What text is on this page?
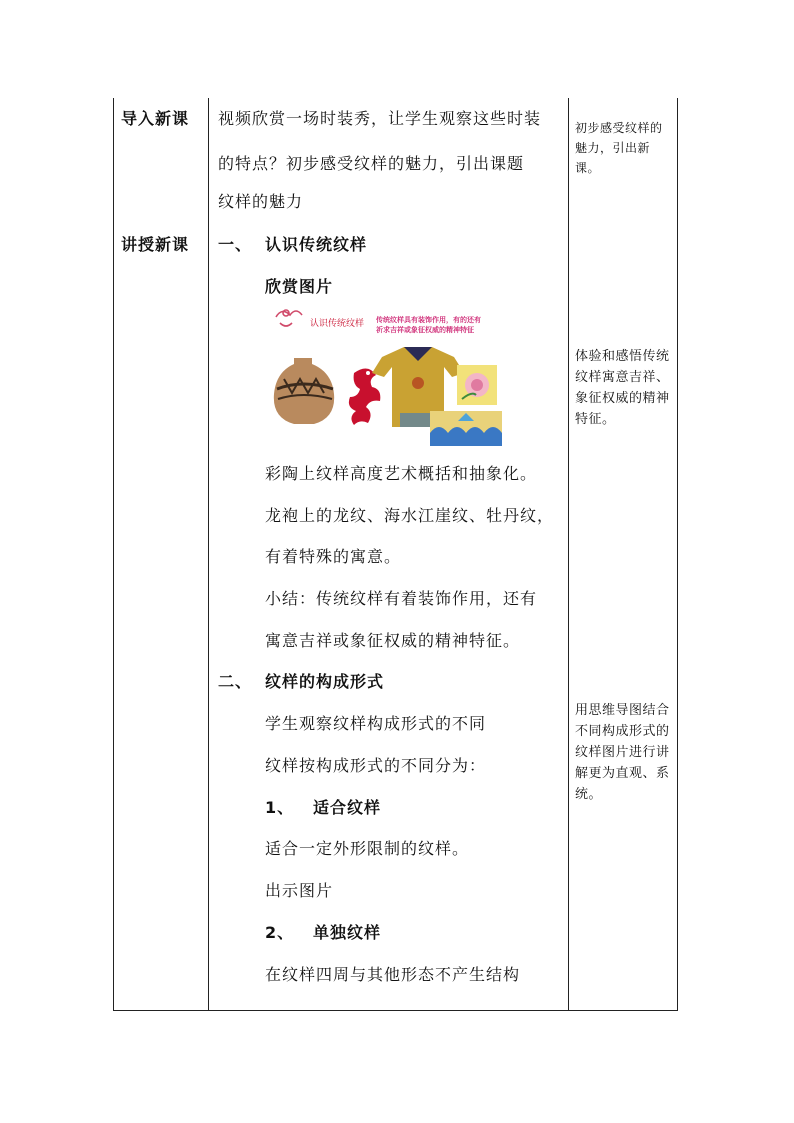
导入新课 视频欣赏一场时装秀，让学生观察这些时装
的特点？初步感受纹样的魅力，引出课题
纹样的魅力
初步感受纹样的魅力，引出新课。
讲授新课 一、 认识传统纹样
欣赏图片
认识传统纹样 传统纹样具有装饰作用，有的还有
祈求吉祥或象征权威的精神特征
彩陶上纹样高度艺术概括和抽象化。
龙袍上的龙纹、海水江崖纹、牡丹纹，
有着特殊的寓意。
小结：传统纹样有着装饰作用，还有
寓意吉祥或象征权威的精神特征。
体验和感悟传统纹样寓意吉祥、象征权威的精神特征。
二、 纹样的构成形式
学生观察纹样构成形式的不同
纹样按构成形式的不同分为：
1、 适合纹样
适合一定外形限制的纹样。
出示图片
2、 单独纹样
在纹样四周与其他形态不产生结构
用思维导图结合不同构成形式的纹样图片进行讲解更为直观、系统。
